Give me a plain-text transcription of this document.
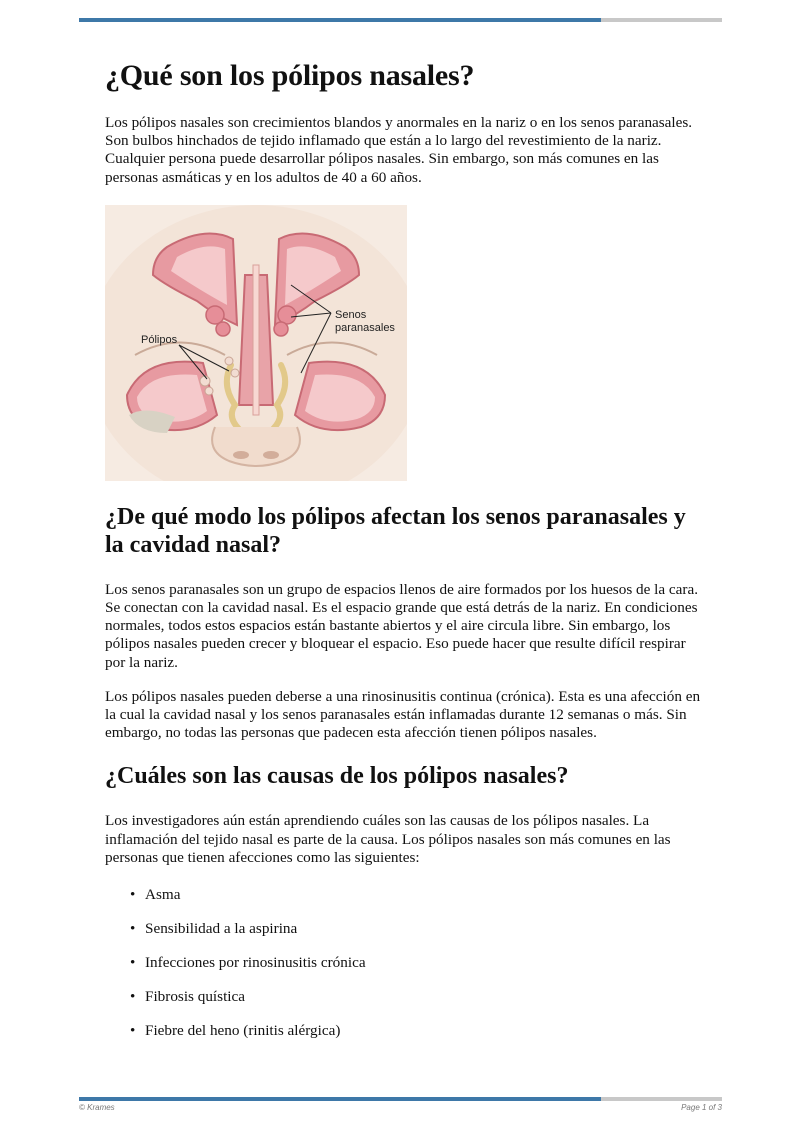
¿Qué son los pólipos nasales?

Los pólipos nasales son crecimientos blandos y anormales en la nariz o en los senos paranasales. Son bulbos hinchados de tejido inflamado que están a lo largo del revestimiento de la nariz. Cualquier persona puede desarrollar pólipos nasales. Sin embargo, son más comunes en las personas asmáticas y en los adultos de 40 a 60 años.

Pólipos
Senos
paranasales
¿De qué modo los pólipos afectan los senos paranasales y la cavidad nasal?

Los senos paranasales son un grupo de espacios llenos de aire formados por los huesos de la cara. Se conectan con la cavidad nasal. Es el espacio grande que está detrás de la nariz. En condiciones normales, todos estos espacios están bastante abiertos y el aire circula libre. Sin embargo, los pólipos nasales pueden crecer y bloquear el espacio. Eso puede hacer que resulte difícil respirar por la nariz.

Los pólipos nasales pueden deberse a una rinosinusitis continua (crónica). Esta es una afección en la cual la cavidad nasal y los senos paranasales están inflamadas durante 12 semanas o más. Sin embargo, no todas las personas que padecen esta afección tienen pólipos nasales.

¿Cuáles son las causas de los pólipos nasales?

Los investigadores aún están aprendiendo cuáles son las causas de los pólipos nasales. La inflamación del tejido nasal es parte de la causa. Los pólipos nasales son más comunes en las personas que tienen afecciones como las siguientes:

• Asma
• Sensibilidad a la aspirina
• Infecciones por rinosinusitis crónica
• Fibrosis quística
• Fiebre del heno (rinitis alérgica)
© Krames	Page 1 of 3
